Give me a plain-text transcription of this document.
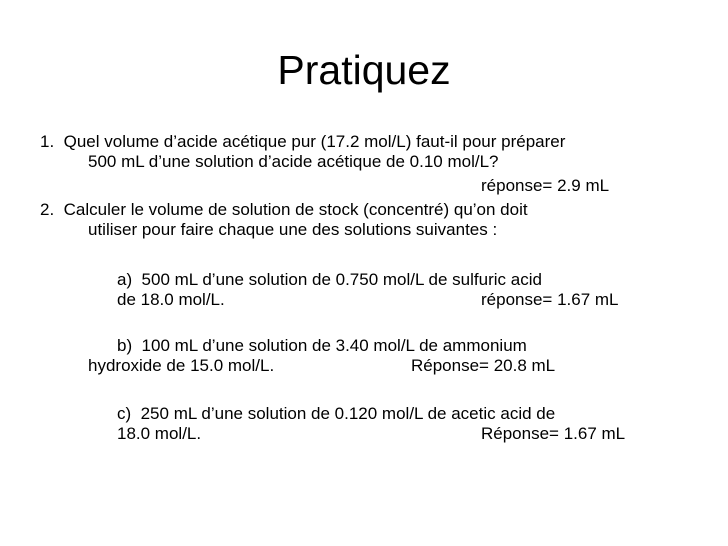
Pratiquez
1.  Quel volume d’acide acétique pur (17.2 mol/L) faut-il pour préparer
500 mL d’une solution d’acide acétique de 0.10 mol/L?
réponse= 2.9 mL
2.  Calculer le volume de solution de stock (concentré) qu’on doit
utiliser pour faire chaque une des solutions suivantes :
a)  500 mL d’une solution de 0.750 mol/L de sulfuric acid
de 18.0 mol/L.	réponse= 1.67 mL
b)  100 mL d’une solution de 3.40 mol/L de ammonium
hydroxide de 15.0 mol/L.	Réponse= 20.8 mL
c)  250 mL d’une solution de 0.120 mol/L de acetic acid de
18.0 mol/L.	Réponse= 1.67 mL
